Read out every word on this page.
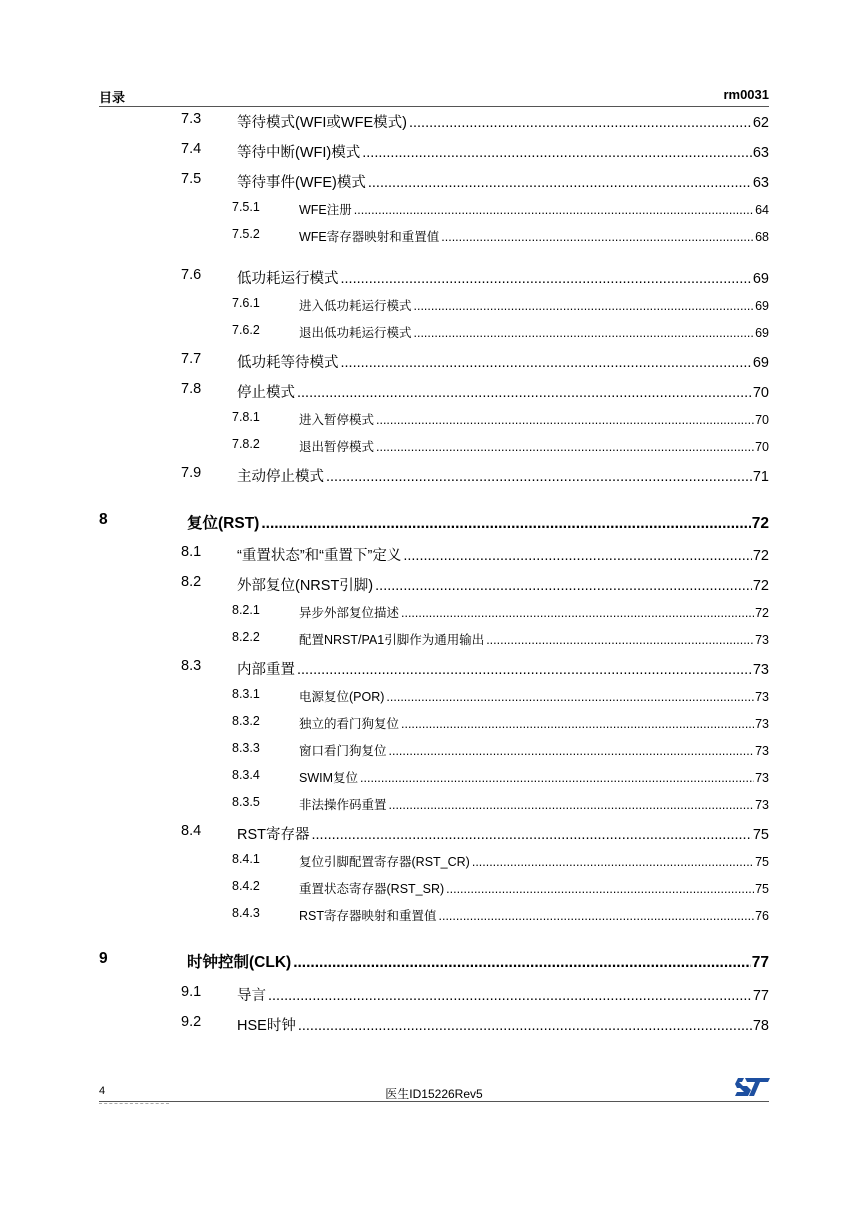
目录	rm0031
7.3 等待模式(WFI或WFE模式) .....	62
7.4 等待中断(WFI)模式 .....	63
7.5 等待事件(WFE)模式 .....	63
7.5.1	WFE注册 .....	64
7.5.2	WFE寄存器映射和重置值 .....	68
7.6 低功耗运行模式 .....	69
7.6.1	进入低功耗运行模式 .....	69
7.6.2	退出低功耗运行模式 .....	69
7.7 低功耗等待模式 .....	69
7.8 停止模式 .....	70
7.8.1	进入暂停模式 .....	70
7.8.2	退出暂停模式 .....	70
7.9 主动停止模式 .....	71
8	复位(RST) .....	72
8.1 “重置状态”和“重置下”定义 .....	72
8.2 外部复位(NRST引脚) .....	72
8.2.1	异步外部复位描述 .....	72
8.2.2	配置NRST/PA1引脚作为通用输出 .....	73
8.3 内部重置 .....	73
8.3.1	电源复位(POR) .....	73
8.3.2	独立的看门狗复位 .....	73
8.3.3	窗口看门狗复位 .....	73
8.3.4	SWIM复位 .....	73
8.3.5	非法操作码重置 .....	73
8.4 RST寄存器 .....	75
8.4.1	复位引脚配置寄存器(RST_CR) .....	75
8.4.2	重置状态寄存器(RST_SR) .....	75
8.4.3	RST寄存器映射和重置值 .....	76
9	时钟控制(CLK) .....	77
9.1 导言 .....	77
9.2 HSE时钟 .....	78
4	医生ID15226Rev5
